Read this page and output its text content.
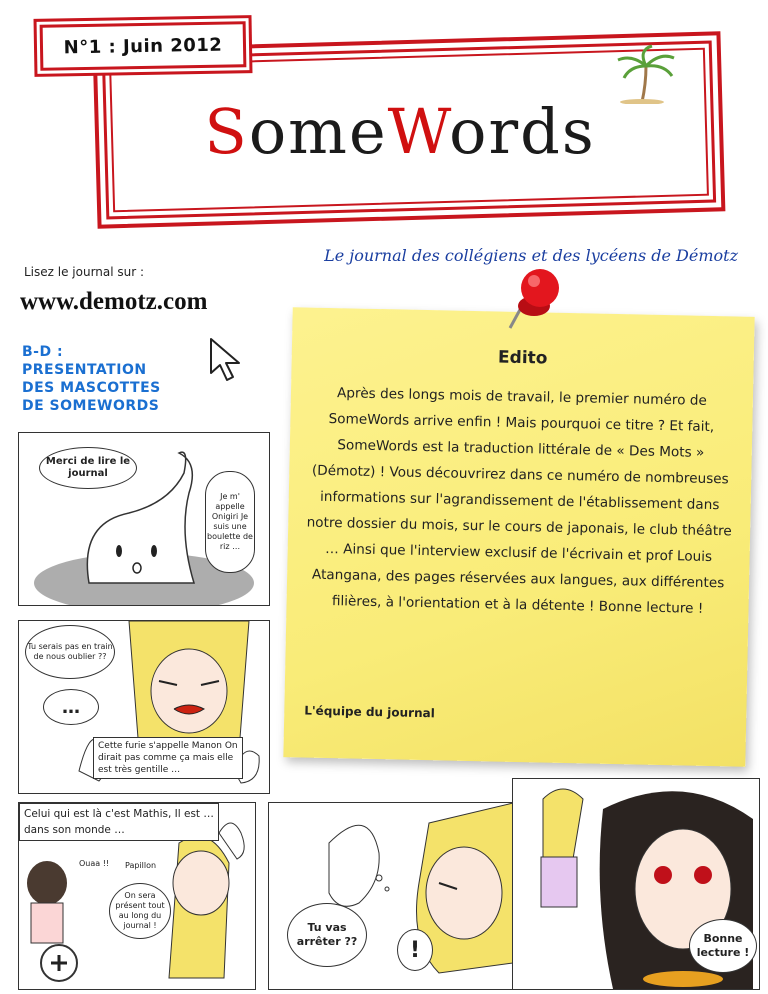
N°1 : Juin 2012
SomeWords
Le journal des collégiens et des lycéens de Démotz
Lisez le journal sur :
www.demotz.com
B-D :
PRESENTATION
DES MASCOTTES
DE SOMEWORDS
Edito
Après des longs mois de travail, le premier numéro de SomeWords arrive enfin ! Mais pourquoi ce titre ? Et fait, SomeWords est la traduction littérale de « Des Mots » (Démotz) ! Vous découvrirez dans ce numéro de nombreuses informations sur l'agrandissement de l'établissement dans notre dossier du mois, sur le cours de japonais, le club théâtre … Ainsi que l'interview exclusif de l'écrivain et prof Louis Atangana, des pages réservées aux langues, aux différentes filières, à l'orientation et à la détente ! Bonne lecture !
L'équipe du journal
Merci de lire le journal
Je m' appelle Onigiri Je suis une boulette de riz …
Tu serais pas en train de nous oublier ??
…
Cette furie s'appelle Manon On dirait pas comme ça mais elle est très gentille …
Celui qui est là c'est Mathis, Il est … dans son monde …
Ouaa !! Papillon
On sera présent tout au long du journal !	Tu vas arrêter ??	!	Bonne lecture !
